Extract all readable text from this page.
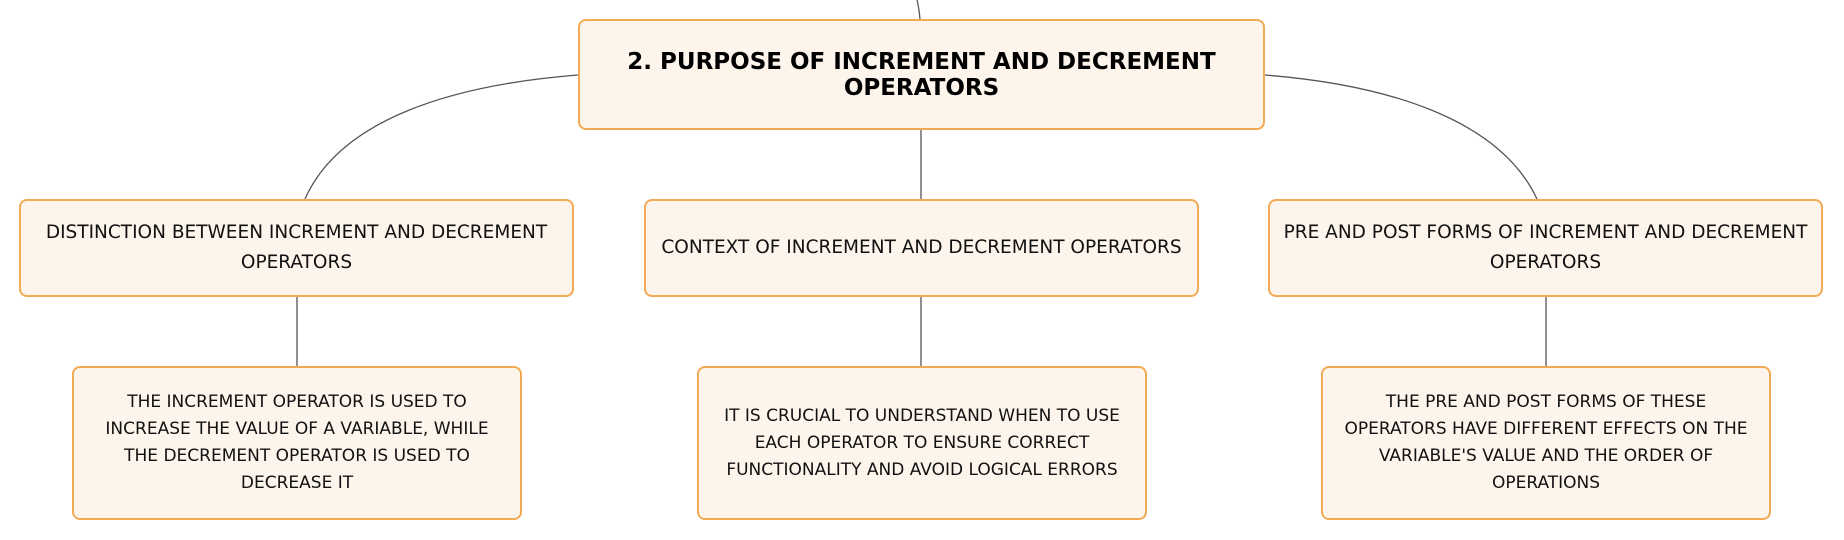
2. PURPOSE OF INCREMENT AND DECREMENT OPERATORS
DISTINCTION BETWEEN INCREMENT AND DECREMENT OPERATORS
CONTEXT OF INCREMENT AND DECREMENT OPERATORS
PRE AND POST FORMS OF INCREMENT AND DECREMENT OPERATORS
THE INCREMENT OPERATOR IS USED TO INCREASE THE VALUE OF A VARIABLE, WHILE THE DECREMENT OPERATOR IS USED TO DECREASE IT
IT IS CRUCIAL TO UNDERSTAND WHEN TO USE EACH OPERATOR TO ENSURE CORRECT FUNCTIONALITY AND AVOID LOGICAL ERRORS
THE PRE AND POST FORMS OF THESE OPERATORS HAVE DIFFERENT EFFECTS ON THE VARIABLE'S VALUE AND THE ORDER OF OPERATIONS
